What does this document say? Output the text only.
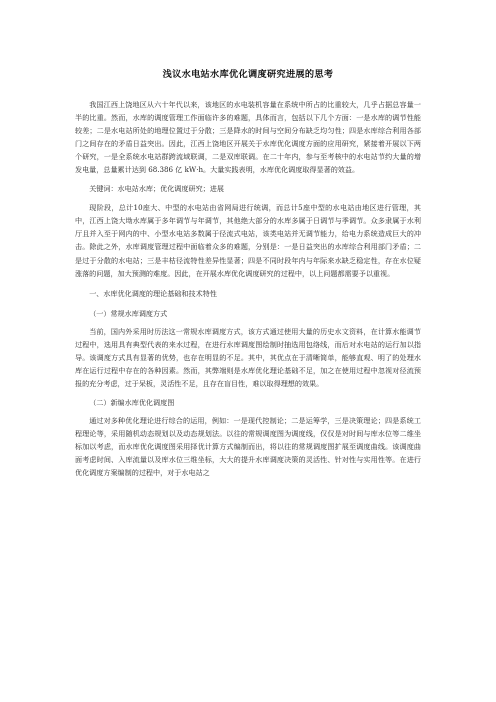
浅议水电站水库优化调度研究进展的思考

我国江西上饶地区从六十年代以来，该地区的水电装机容量在系统中所占的比重较大，几乎占据总容量一半的比重。然而，水库的调度管理工作面临许多的难题，具体而言，包括以下几个方面：一是水库的调节性能较差；二是水电站所处的地理位置过于分散；三是降水的时间与空间分布缺乏均匀性；四是水库综合利用各部门之间存在的矛盾日益突出。因此，江西上饶地区开展关于水库优化调度方面的应用研究，紧接着开展以下两个研究，一是全系统水电站群跨流域联调，二是双库联调。在二十年内，参与至考核中的水电站节约大量的增发电量，总量累计达到 68.386 亿 kW·h。大量实践表明，水库优化调度取得显著的效益。

关键词：水电站水库；优化调度研究；进展

现阶段，总计10座大、中型的水电站由省网局进行统调，而总计5座中型的水电站由地区进行管理，其中，江西上饶大坳水库属于多年调节与年调节，其他绝大部分的水库多属于日调节与季调节。众多隶属于水利厅且并入至于网内的中、小型水电站多数属于径流式电站，该类电站并无调节能力，给电力系统造成巨大的冲击。除此之外，水库调度管理过程中面临着众多的难题，分别是：一是日益突出的水库综合利用部门矛盾；二是过于分散的水电站；三是丰枯径流特性差异性显著；四是不同时段年内与年际来水缺乏稳定性，存在水位疑涨落的问题，加大预测的难度。因此，在开展水库优化调度研究的过程中，以上问题都需要予以重视。

一、水库优化调度的理论基础和技术特性

（一）常规水库调度方式

当前，国内外采用时历法这一常规水库调度方式，该方式通过使用大量的历史水文资料，在计算水能调节过程中，选用具有典型代表的来水过程，在进行水库调度图绘制时抽选用包络线，而后对水电站的运行加以指导。该调度方式具有显著的优势，也存在明显的不足。其中，其优点在于清晰简单，能够直观、明了的处理水库在运行过程中存在的各种因素。然而，其弊端则是水库优化理论基础不足，加之在使用过程中忽视对径流预报的充分考虑，过于呆板，灵活性不足，且存在盲目性，难以取得理想的效果。

（二）新编水库优化调度图

通过对多种优化理论进行综合的运用，例如：一是现代控制论；二是运筹学，三是决策理论；四是系统工程理论等，采用随机动态规划以及动态规划法。以往的常规调度图为调度线，仅仅是对时间与库水位等二维坐标加以考虑，而水库优化调度图采用择优计算方式编制而出，将以往的常规调度图扩展至调度曲线。该调度曲面考虑时间、入库流量以及库水位三维坐标，大大的提升水库调度决策的灵活性、针对性与实用性等。在进行优化调度方案编制的过程中，对于水电站之
